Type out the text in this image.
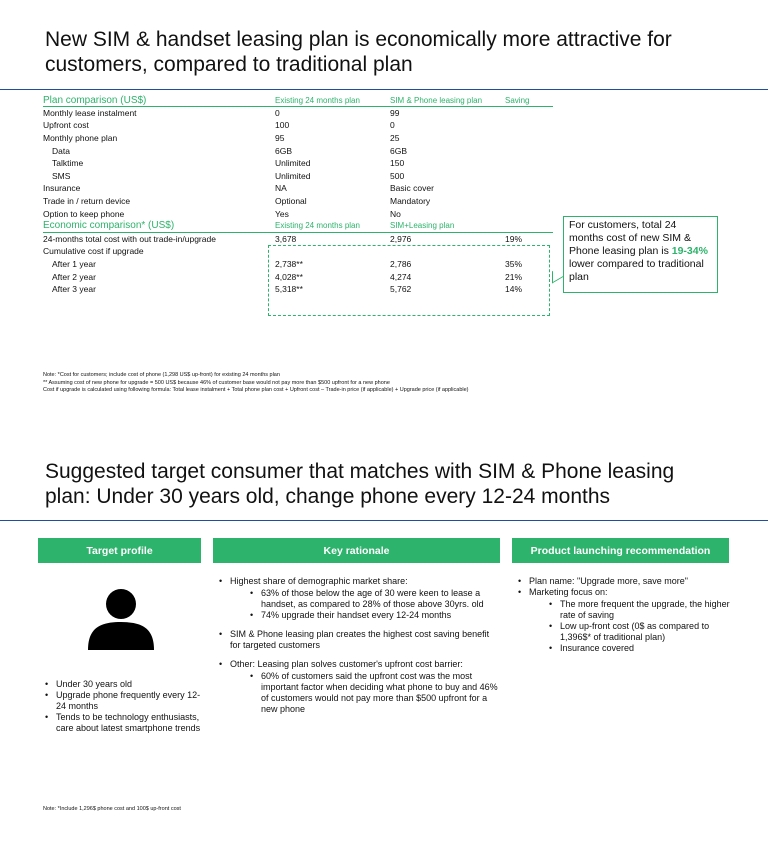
New SIM & handset leasing plan is economically more attractive for
customers, compared to traditional plan
Plan comparison (US$)	Existing 24 months plan	SIM & Phone leasing plan	Saving
Monthly lease instalment	0	99	
Upfront cost	100	0	
Monthly phone plan	95	25	
Data	6GB	6GB	
Talktime	Unlimited	150	
SMS	Unlimited	500	
Insurance	NA	Basic cover	
Trade in / return device	Optional	Mandatory	
Option to keep phone	Yes	No	
Economic comparison* (US$)	Existing 24 months plan	SIM+Leasing plan	
24-months total cost with out trade-in/upgrade	3,678	2,976	19%
Cumulative cost if upgrade			
After 1 year	2,738**	2,786	35%
After 2 year	4,028**	4,274	21%
After 3 year	5,318**	5,762	14%
For customers, total 24 months cost of new SIM & Phone leasing plan is 19-34% lower compared to traditional plan
Note: *Cost for customers; include cost of phone (1,298 US$ up-front) for existing 24 months plan
** Assuming cost of new phone for upgrade = 500 US$ because 46% of customer base would not pay more than $500 upfront for a new phone
Cost if upgrade is calculated using following formula: Total lease instalment + Total phone plan cost + Upfront cost – Trade-in price (if applicable) + Upgrade price (if applicable)
Suggested target consumer that matches with SIM & Phone leasing
plan: Under 30 years old, change phone every 12-24 months
Target profile	Key rationale	Product launching recommendation
• Under 30 years old
• Upgrade phone frequently every 12-24 months
• Tends to be technology enthusiasts, care about latest smartphone trends
• Highest share of demographic market share:
• 63% of those below the age of 30 were keen to lease a handset, as compared to 28% of those above 30yrs. old
• 74% upgrade their handset every 12-24 months
• SIM & Phone leasing plan creates the highest cost saving benefit for targeted customers
• Other: Leasing plan solves customer's upfront cost barrier:
• 60% of customers said the upfront cost was the most important factor when deciding what phone to buy and 46% of customers would not pay more than $500 upfront for a new phone
• Plan name: "Upgrade more, save more"
• Marketing focus on:
• The more frequent the upgrade, the higher rate of saving
• Low up-front cost (0$ as compared to 1,396$* of traditional plan)
• Insurance covered
Note: *Include 1,296$ phone cost and 100$ up-front cost
